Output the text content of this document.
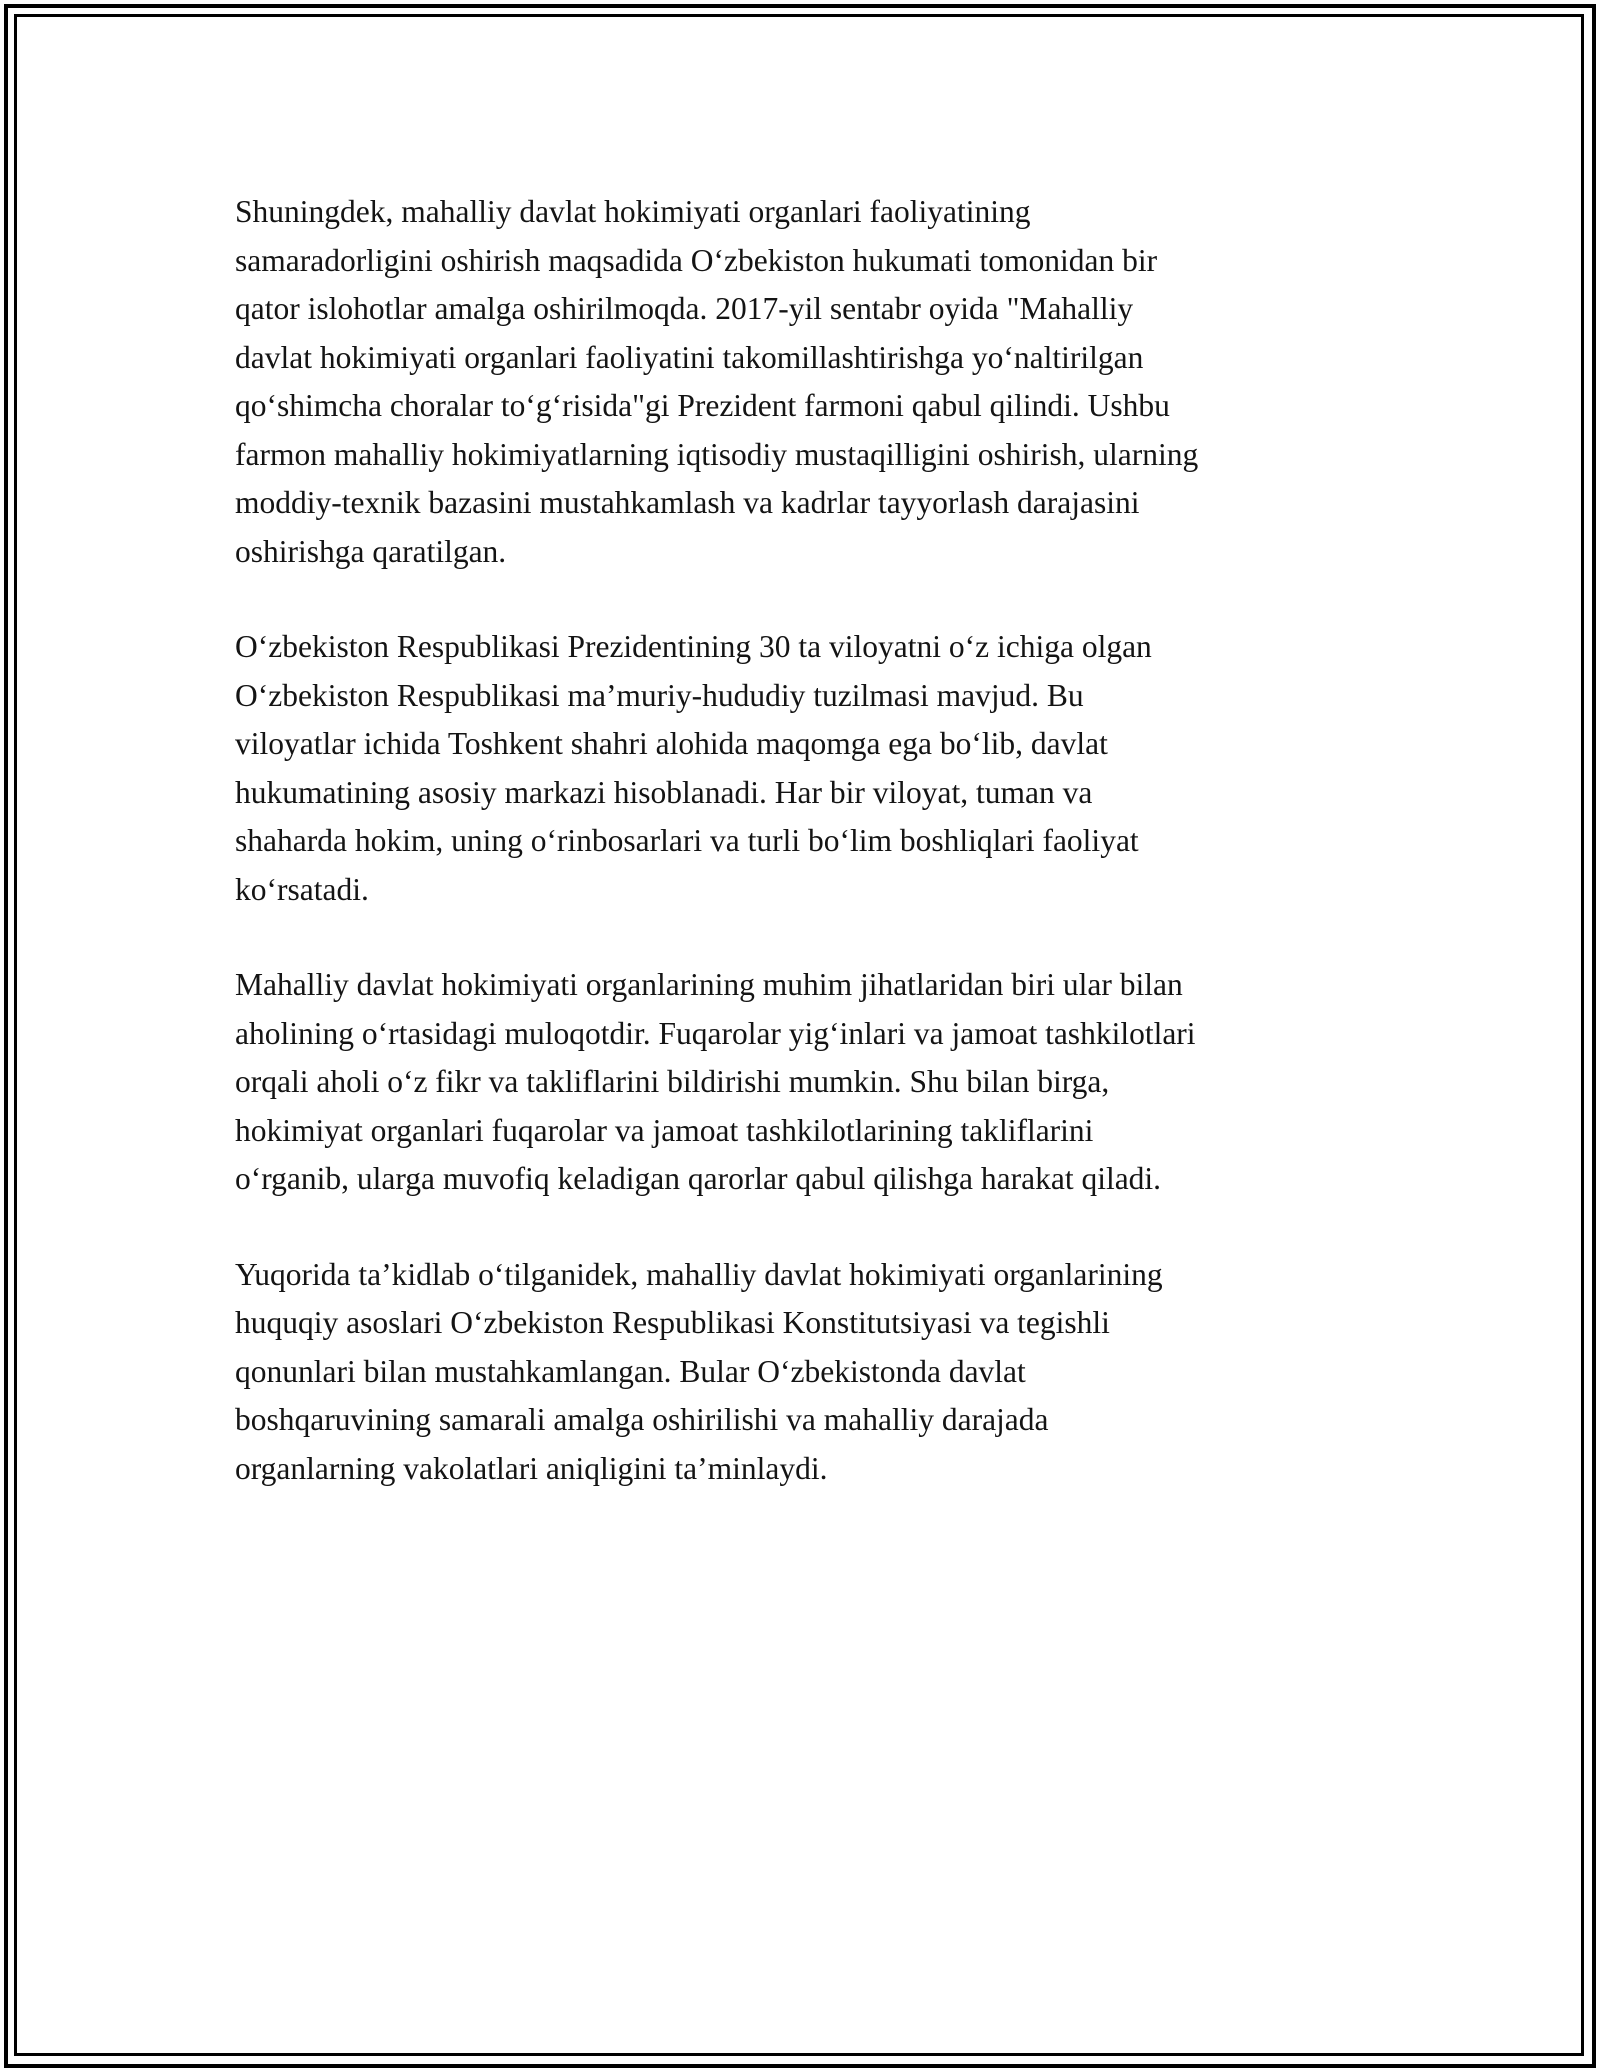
Shuningdek, mahalliy davlat hokimiyati organlari faoliyatining
samaradorligini oshirish maqsadida O‘zbekiston hukumati tomonidan bir
qator islohotlar amalga oshirilmoqda. 2017-yil sentabr oyida "Mahalliy
davlat hokimiyati organlari faoliyatini takomillashtirishga yo‘naltirilgan
qo‘shimcha choralar to‘g‘risida"gi Prezident farmoni qabul qilindi. Ushbu
farmon mahalliy hokimiyatlarning iqtisodiy mustaqilligini oshirish, ularning
moddiy-texnik bazasini mustahkamlash va kadrlar tayyorlash darajasini
oshirishga qaratilgan.

O‘zbekiston Respublikasi Prezidentining 30 ta viloyatni o‘z ichiga olgan
O‘zbekiston Respublikasi ma’muriy-hududiy tuzilmasi mavjud. Bu
viloyatlar ichida Toshkent shahri alohida maqomga ega bo‘lib, davlat
hukumatining asosiy markazi hisoblanadi. Har bir viloyat, tuman va
shaharda hokim, uning o‘rinbosarlari va turli bo‘lim boshliqlari faoliyat
ko‘rsatadi.

Mahalliy davlat hokimiyati organlarining muhim jihatlaridan biri ular bilan
aholining o‘rtasidagi muloqotdir. Fuqarolar yig‘inlari va jamoat tashkilotlari
orqali aholi o‘z fikr va takliflarini bildirishi mumkin. Shu bilan birga,
hokimiyat organlari fuqarolar va jamoat tashkilotlarining takliflarini
o‘rganib, ularga muvofiq keladigan qarorlar qabul qilishga harakat qiladi.

Yuqorida ta’kidlab o‘tilganidek, mahalliy davlat hokimiyati organlarining
huquqiy asoslari O‘zbekiston Respublikasi Konstitutsiyasi va tegishli
qonunlari bilan mustahkamlangan. Bular O‘zbekistonda davlat
boshqaruvining samarali amalga oshirilishi va mahalliy darajada
organlarning vakolatlari aniqligini ta’minlaydi.
